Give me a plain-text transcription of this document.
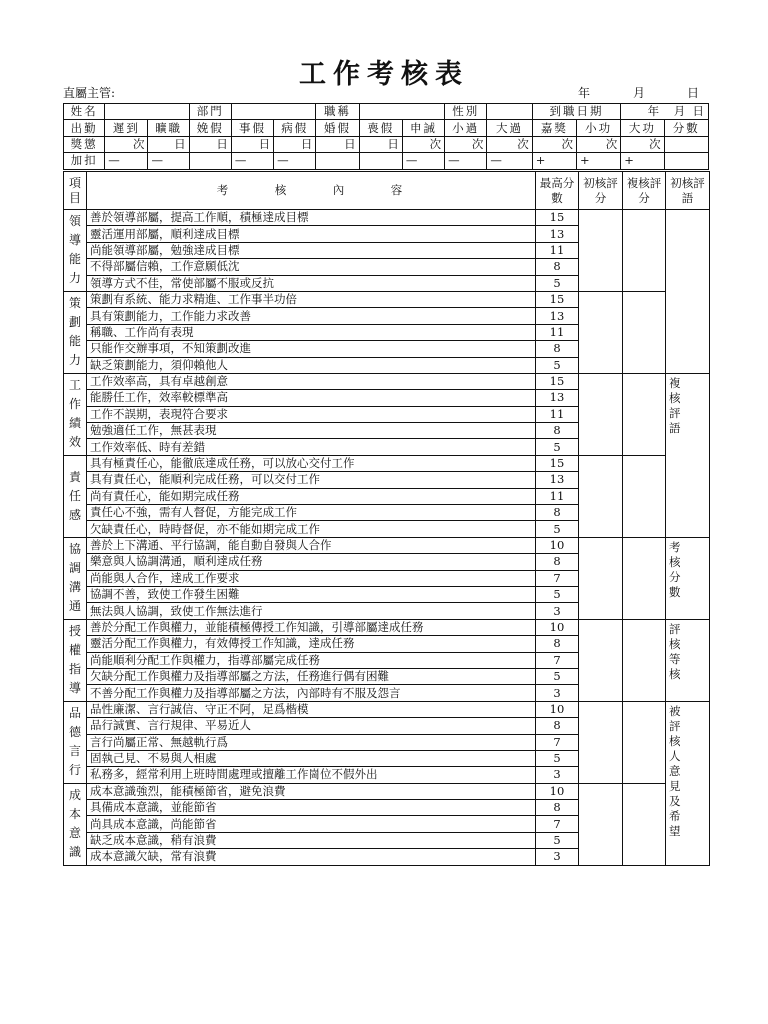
工作考核表
直屬主管:	年	月	日
姓名			部門			職稱			性別		到職日期		年 月 日	
出勤	遲到	曠職	娩假	事假	病假	婚假	喪假	申誡	小過	大過	嘉獎	小功	大功	分數
獎懲	次	日	日	日	日	日	日	次	次	次	次	次	次	
加扣	—	—		—	—			—	—	—	+	+	+	
項目	考　　　核　　　內　　　容	最高分數	初核評分	複核評分	初核評語
領導能力	善於領導部屬，提高工作順，積極達成目標	15			
	靈活運用部屬，順利達成目標	13			
	尚能領導部屬，勉強達成目標	11			
	不得部屬信賴，工作意願低沈	8			
	領導方式不佳，常使部屬不服或反抗	5			
策劃能力	策劃有系統、能力求精進、工作事半功倍	15			
	具有策劃能力，工作能力求改善	13			
	稱職、工作尚有表現	11			
	只能作交辦事項，不知策劃改進	8			
	缺乏策劃能力，須仰賴他人	5			
工作績效	工作效率高，具有卓越創意	15			複核評語

	能勝任工作，效率較標準高	13			
	工作不誤期，表現符合要求	11			
	勉強適任工作，無甚表現	8			
	工作效率低、時有差錯	5			
責任感	具有極責任心，能徹底達成任務，可以放心交付工作	15			
	具有責任心，能順利完成任務，可以交付工作	13			
	尚有責任心，能如期完成任務	11			
	責任心不強，需有人督促，方能完成工作	8			
	欠缺責任心，時時督促，亦不能如期完成工作	5			
協調溝通	善於上下溝通、平行協調，能自動自發與人合作	10			考核分數

	樂意與人協調溝通，順利達成任務	8			
	尚能與人合作，達成工作要求	7			
	協調不善，致使工作發生困難	5			
	無法與人協調，致使工作無法進行	3			
授權指導	善於分配工作與權力，並能積極傳授工作知識，引導部屬達成任務	10			評核等核

	靈活分配工作與權力，有效傳授工作知識，達成任務	8			
	尚能順利分配工作與權力，指導部屬完成任務	7			
	欠缺分配工作與權力及指導部屬之方法，任務進行偶有困難	5			
	不善分配工作與權力及指導部屬之方法，內部時有不服及怨言	3			
品德言行	品性廉潔、言行誠信、守正不阿，足爲楷模	10			被評核人意見及希望

	品行誠實、言行規律、平易近人	8			
	言行尚屬正常、無越軌行爲	7			
	固執己見、不易與人相處	5			
	私務多，經常利用上班時間處理或擅離工作崗位不假外出	3			
成本意識	成本意識強烈，能積極節省，避免浪費	10			
	具備成本意識，並能節省	8			
	尚具成本意識，尚能節省	7			
	缺乏成本意識，稍有浪費	5			
	成本意識欠缺，常有浪費	3			
